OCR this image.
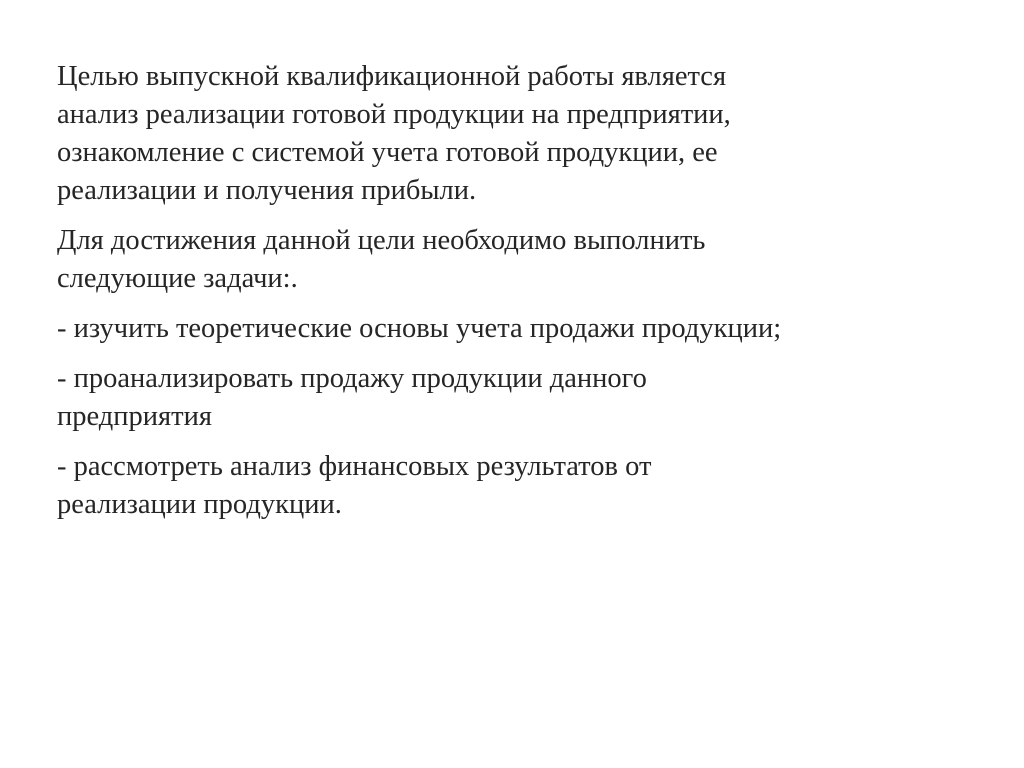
Целью выпускной квалификационной работы является
анализ реализации готовой продукции на предприятии,
ознакомление с системой учета готовой продукции, ее
реализации и получения прибыли.

Для достижения данной цели необходимо выполнить
следующие задачи:.

- изучить теоретические основы учета продажи продукции;

- проанализировать продажу продукции данного
предприятия

- рассмотреть анализ финансовых результатов от
реализации продукции.
